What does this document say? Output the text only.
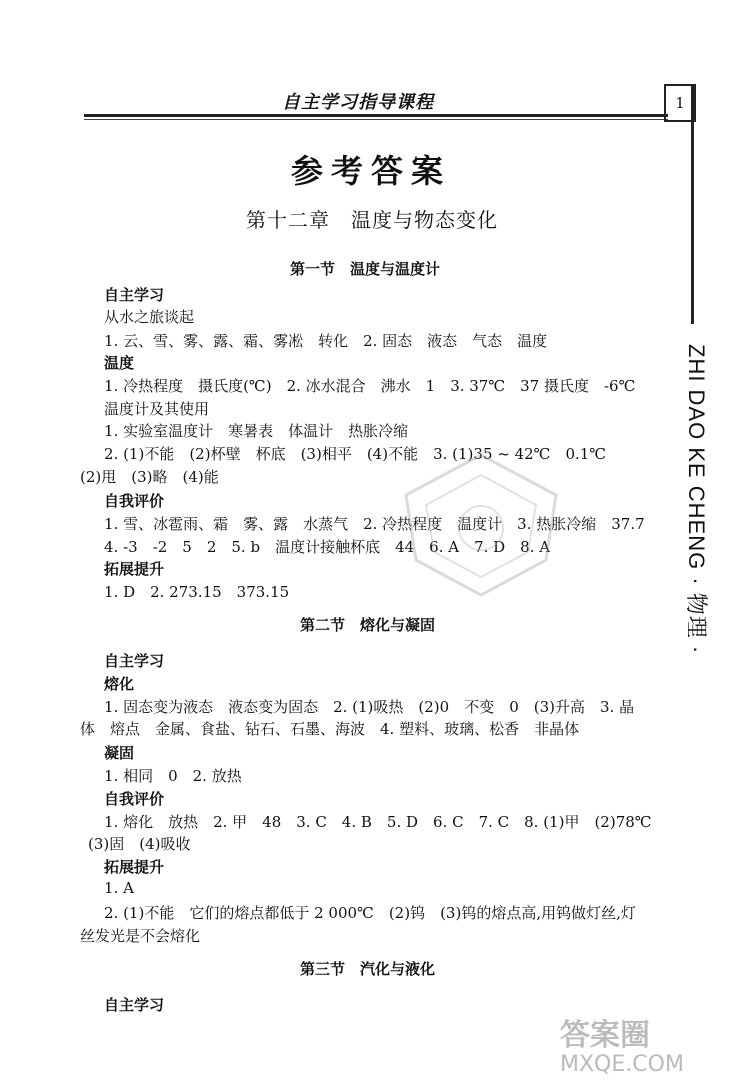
自主学习指导课程	1
参考答案
第十二章　温度与物态变化
第一节　温度与温度计
自主学习
从水之旅谈起
1. 云、雪、雾、露、霜、雾凇　转化　2. 固态　液态　气态　温度
温度
1. 冷热程度　摄氏度(℃)　2. 冰水混合　沸水　1　3. 37℃　37 摄氏度　-6℃
温度计及其使用
1. 实验室温度计　寒暑表　体温计　热胀冷缩
2. (1)不能　(2)杯壁　杯底　(3)相平　(4)不能　3. (1)35 ~ 42℃　0.1℃
(2)甩　(3)略　(4)能
自我评价
1. 雪、冰雹雨、霜　雾、露　水蒸气　2. 冷热程度　温度计　3. 热胀冷缩　37.7
4. -3　-2　5　2　5. b　温度计接触杯底　44　6. A　7. D　8. A
拓展提升
1. D　2. 273.15　373.15
第二节　熔化与凝固
自主学习
熔化
1. 固态变为液态　液态变为固态　2. (1)吸热　(2)0　不变　0　(3)升高　3. 晶
体　熔点　金属、食盐、钻石、石墨、海波　4. 塑料、玻璃、松香　非晶体
凝固
1. 相同　0　2. 放热
自我评价
1. 熔化　放热　2. 甲　48　3. C　4. B　5. D　6. C　7. C　8. (1)甲　(2)78℃
(3)固　(4)吸收
拓展提升
1. A
2. (1)不能　它们的熔点都低于 2 000℃　(2)钨　(3)钨的熔点高,用钨做灯丝,灯
丝发光是不会熔化
第三节　汽化与液化
自主学习
ZHI DAO KE CHENG · 物理 ·
答案圈
MXQE.COM
